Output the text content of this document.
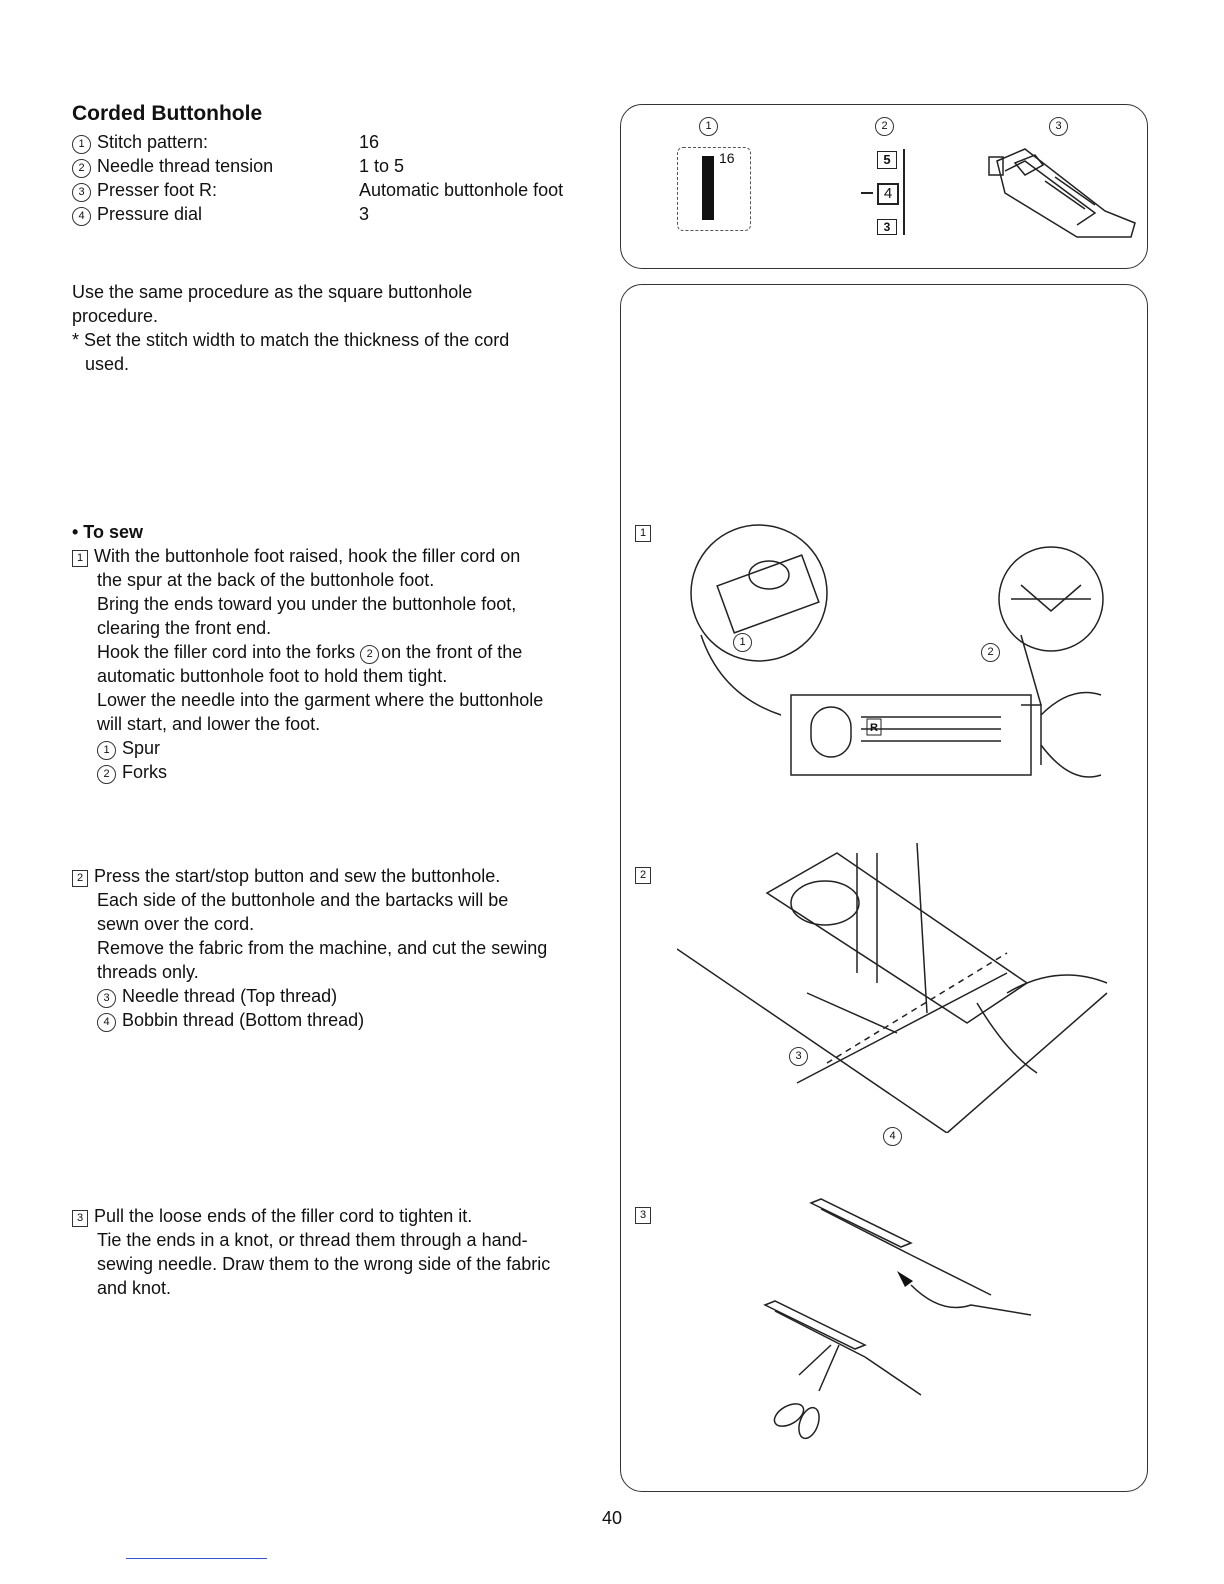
Corded Buttonhole
1 Stitch pattern:	16
2 Needle thread tension	1 to 5
3 Presser foot R:	Automatic buttonhole foot
4 Pressure dial	3
Use the same procedure as the square buttonhole
procedure.
* Set the stitch width to match the thickness of the cord
used.
• To sew
1 With the buttonhole foot raised, hook the filler cord on
the spur at the back of the buttonhole foot.
Bring the ends toward you under the buttonhole foot,
clearing the front end.
Hook the filler cord into the forks 2 on the front of the
automatic buttonhole foot to hold them tight.
Lower the needle into the garment where the buttonhole
will start, and lower the foot.
1 Spur
2 Forks
2 Press the start/stop button and sew the buttonhole.
Each side of the buttonhole and the bartacks will be
sewn over the cord.
Remove the fabric from the machine, and cut the sewing
threads only.
3 Needle thread (Top thread)
4 Bobbin thread (Bottom thread)
3 Pull the loose ends of the filler cord to tighten it.
Tie the ends in a knot, or thread them through a hand-
sewing needle. Draw them to the wrong side of the fabric
and knot.
1	2	3
16	5
4
3
1
2
3
R
1
2
3
4
40
